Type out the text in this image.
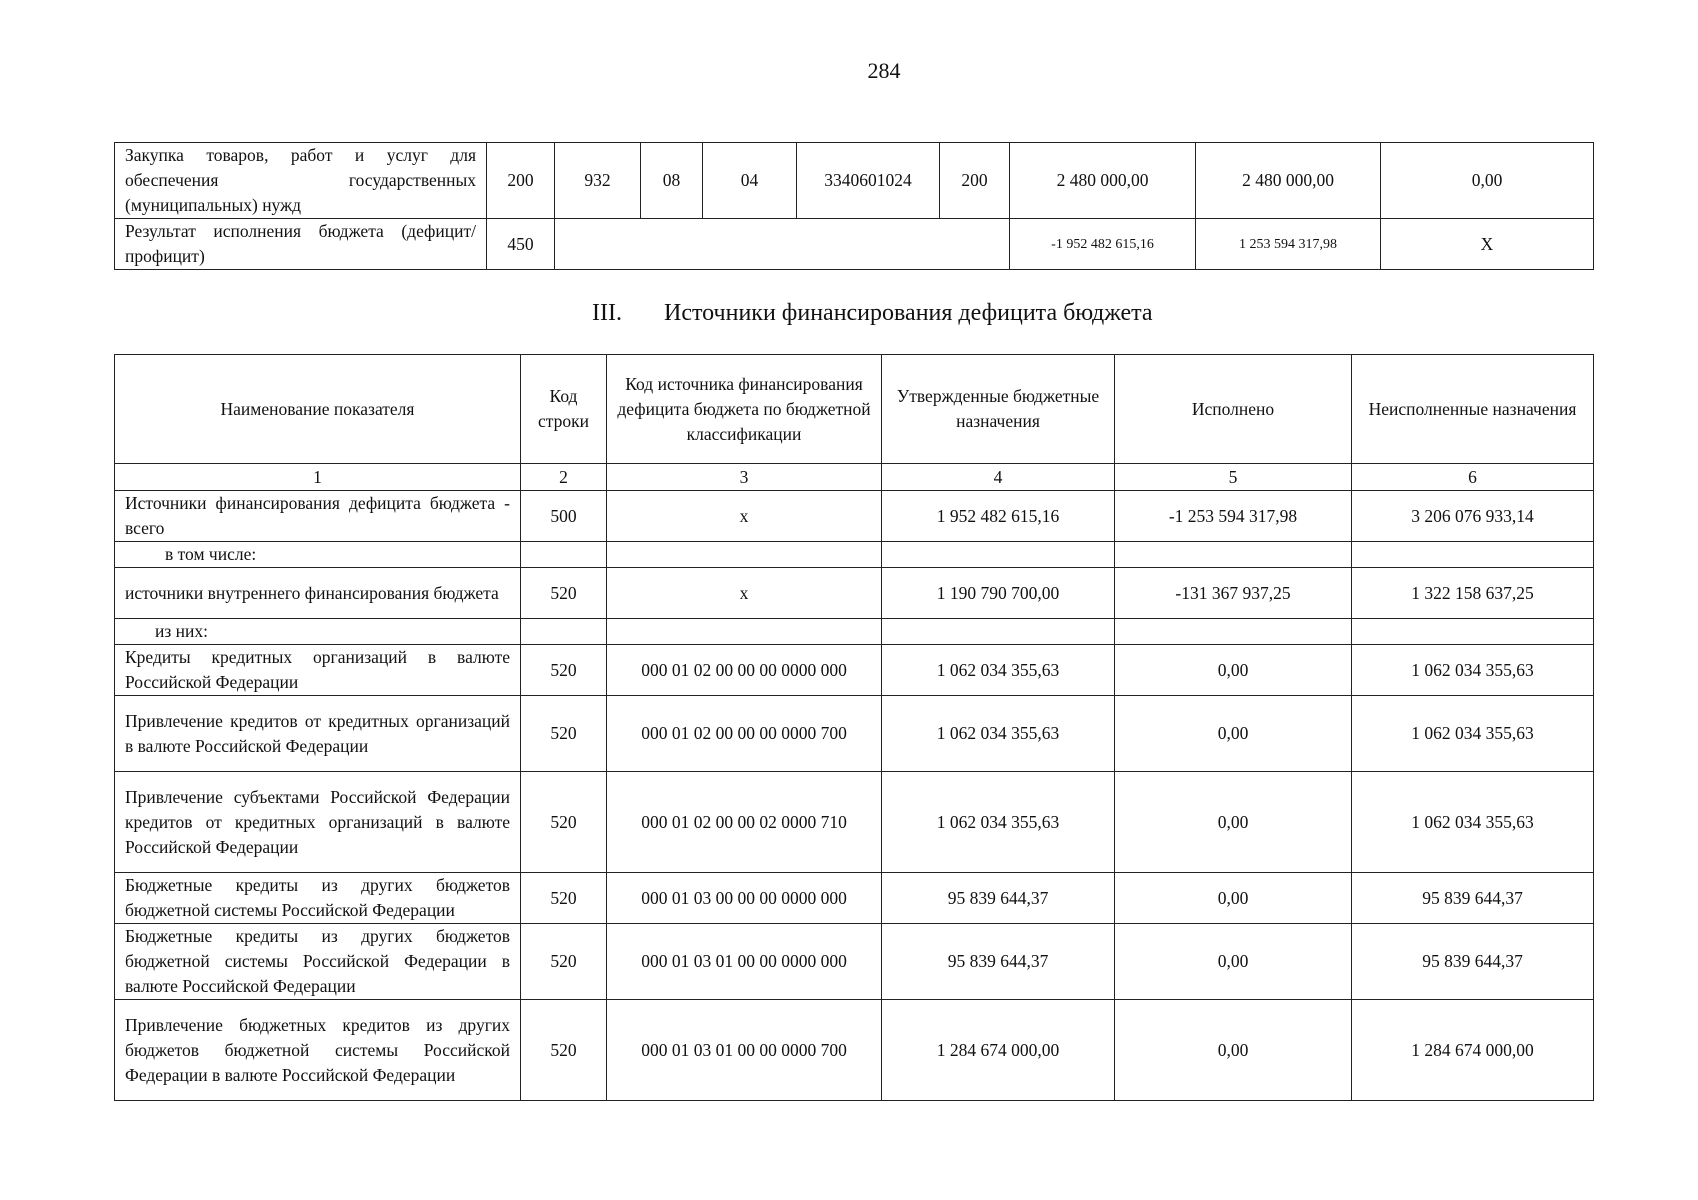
284
Закупка товаров, работ и услуг для обеспечения государственных (муниципальных) нужд	200	932	08	04	3340601024	200	2 480 000,00	2 480 000,00	0,00
Результат исполнения бюджета (дефицит/профицит)	450						-1 952 482 615,16	1 253 594 317,98	X
III. Источники финансирования дефицита бюджета
Наименование показателя	Код строки	Код источника финансирования дефицита бюджета по бюджетной классификации	Утвержденные бюджетные назначения	Исполнено	Неисполненные назначения
1	2	3	4	5	6
Источники финансирования дефицита бюджета - всего	500	х	1 952 482 615,16	-1 253 594 317,98	3 206 076 933,14
в том числе:					
источники внутреннего финансирования бюджета	520	х	1 190 790 700,00	-131 367 937,25	1 322 158 637,25
из них:					
Кредиты кредитных организаций в валюте Российской Федерации	520	000 01 02 00 00 00 0000 000	1 062 034 355,63	0,00	1 062 034 355,63
Привлечение кредитов от кредитных организаций в валюте Российской Федерации	520	000 01 02 00 00 00 0000 700	1 062 034 355,63	0,00	1 062 034 355,63
Привлечение субъектами Российской Федерации кредитов от кредитных организаций в валюте Российской Федерации	520	000 01 02 00 00 02 0000 710	1 062 034 355,63	0,00	1 062 034 355,63
Бюджетные кредиты из других бюджетов бюджетной системы Российской Федерации	520	000 01 03 00 00 00 0000 000	95 839 644,37	0,00	95 839 644,37
Бюджетные кредиты из других бюджетов бюджетной системы Российской Федерации в валюте Российской Федерации	520	000 01 03 01 00 00 0000 000	95 839 644,37	0,00	95 839 644,37
Привлечение бюджетных кредитов из других бюджетов бюджетной системы Российской Федерации в валюте Российской Федерации	520	000 01 03 01 00 00 0000 700	1 284 674 000,00	0,00	1 284 674 000,00
